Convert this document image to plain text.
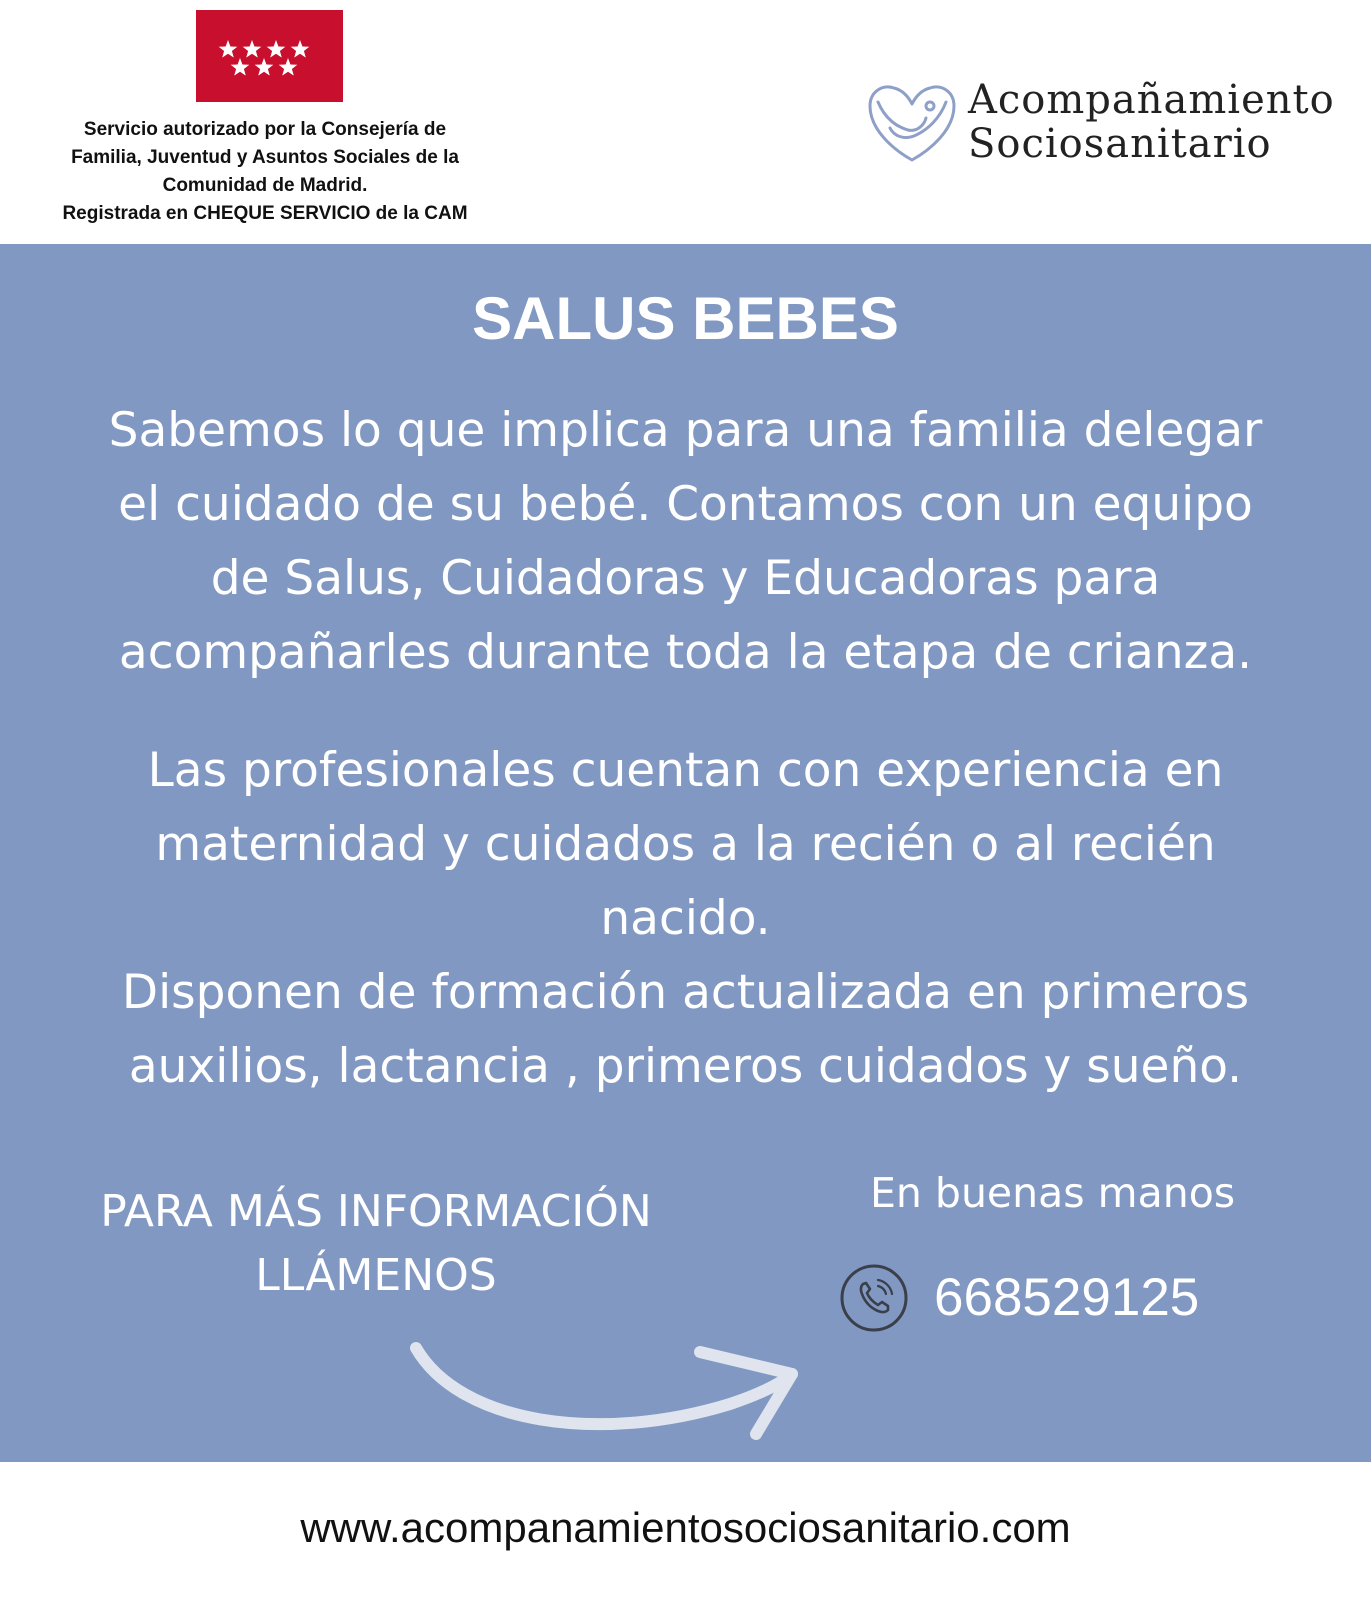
Servicio autorizado por la Consejería de
Familia, Juventud y Asuntos Sociales de la
Comunidad de Madrid.
Registrada en CHEQUE SERVICIO de la CAM
Acompañamiento
Sociosanitario
SALUS BEBES
Sabemos lo que implica para una familia delegar
el cuidado de su bebé. Contamos con un equipo
de Salus, Cuidadoras y Educadoras para
acompañarles durante toda la etapa de crianza.
Las profesionales cuentan con experiencia en
maternidad y cuidados a la recién o al recién
nacido.
Disponen de formación actualizada en primeros
auxilios, lactancia , primeros cuidados y sueño.
PARA MÁS INFORMACIÓN
LLÁMENOS
En buenas manos
668529125
www.acompanamientosociosanitario.com
